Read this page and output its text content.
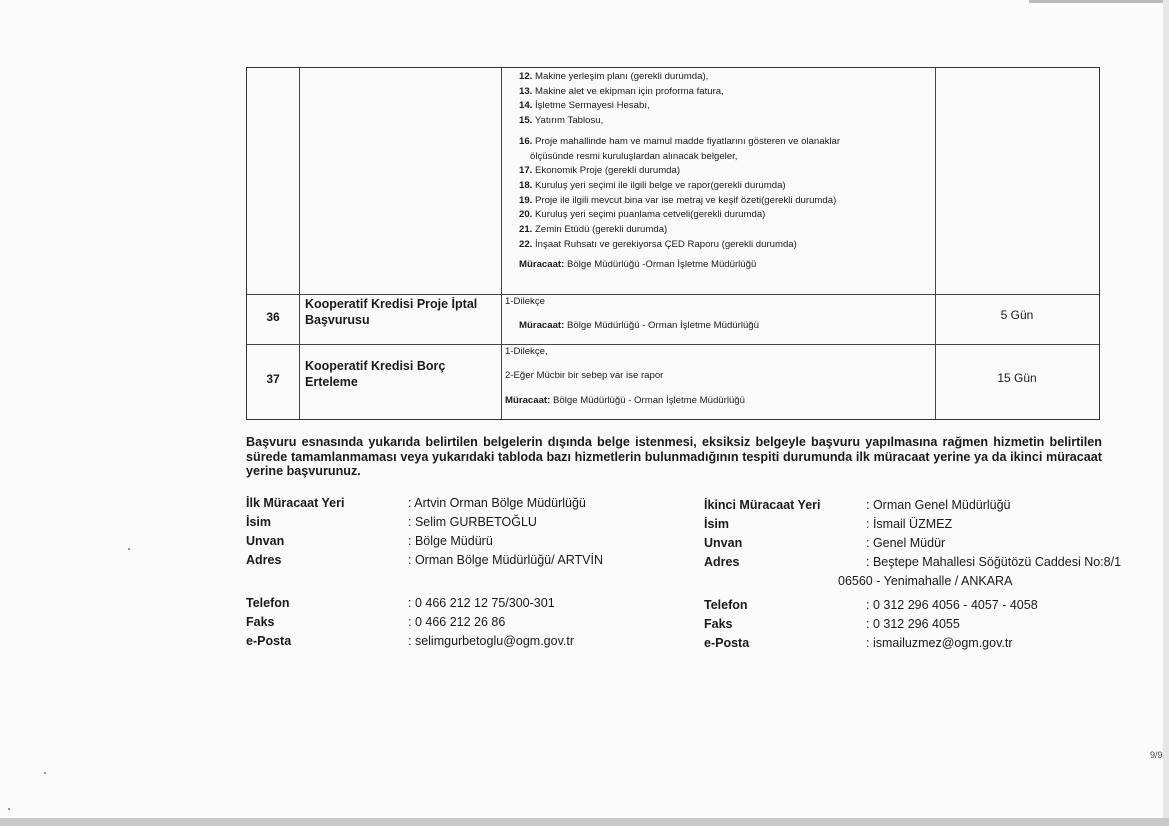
12. Makine yerleşim planı (gerekli durumda),
13. Makine alet ve ekipman için proforma fatura,
14. İşletme Sermayesi Hesabı,
15. Yatırım Tablosu,
16. Proje mahallinde ham ve mamul madde fiyatlarını gösteren ve olanaklar
ölçüsünde resmi kuruluşlardan alınacak belgeler,
17. Ekonomik Proje (gerekli durumda)
18. Kuruluş yeri seçimi ile ilgili belge ve rapor(gerekli durumda)
19. Proje ile ilgili mevcut bina var ise metraj ve keşif özeti(gerekli durumda)
20. Kuruluş yeri seçimi puanlama cetveli(gerekli durumda)
21. Zemin Etüdü (gerekli durumda)
22. İnşaat Ruhsatı ve gerekiyorsa ÇED Raporu (gerekli durumda)
Müracaat: Bölge Müdürlüğü -Orman İşletme Müdürlüğü
36
Kooperatif Kredisi Proje İptal Başvurusu
1-Dilekçe
Müracaat: Bölge Müdürlüğü - Orman İşletme Müdürlüğü
5 Gün
37
Kooperatif Kredisi Borç Erteleme
1-Dilekçe,
2-Eğer Mücbir bir sebep var ise rapor
Müracaat: Bölge Müdürlüğü - Orman İşletme Müdürlüğü
15 Gün
Başvuru esnasında yukarıda belirtilen belgelerin dışında belge istenmesi, eksiksiz belgeyle başvuru yapılmasına rağmen hizmetin belirtilen sürede tamamlanmaması veya yukarıdaki tabloda bazı hizmetlerin bulunmadığının tespiti durumunda ilk müracaat yerine ya da ikinci müracaat yerine başvurunuz.
İlk Müracaat Yeri
İsim
Unvan
Adres
Telefon
Faks
e-Posta
: Artvin Orman Bölge Müdürlüğü
: Selim GURBETOĞLU
: Bölge Müdürü
: Orman Bölge Müdürlüğü/ ARTVİN
: 0 466 212 12 75/300-301
: 0 466 212 26 86
: selimgurbetoglu@ogm.gov.tr
İkinci Müracaat Yeri
İsim
Unvan
Adres
Telefon
Faks
e-Posta
: Orman Genel Müdürlüğü
: İsmail ÜZMEZ
: Genel Müdür
: Beştepe Mahallesi Söğütözü Caddesi No:8/1
06560 - Yenimahalle / ANKARA
: 0 312 296 4056 - 4057 - 4058
: 0 312 296 4055
: ismailuzmez@ogm.gov.tr
9/9
